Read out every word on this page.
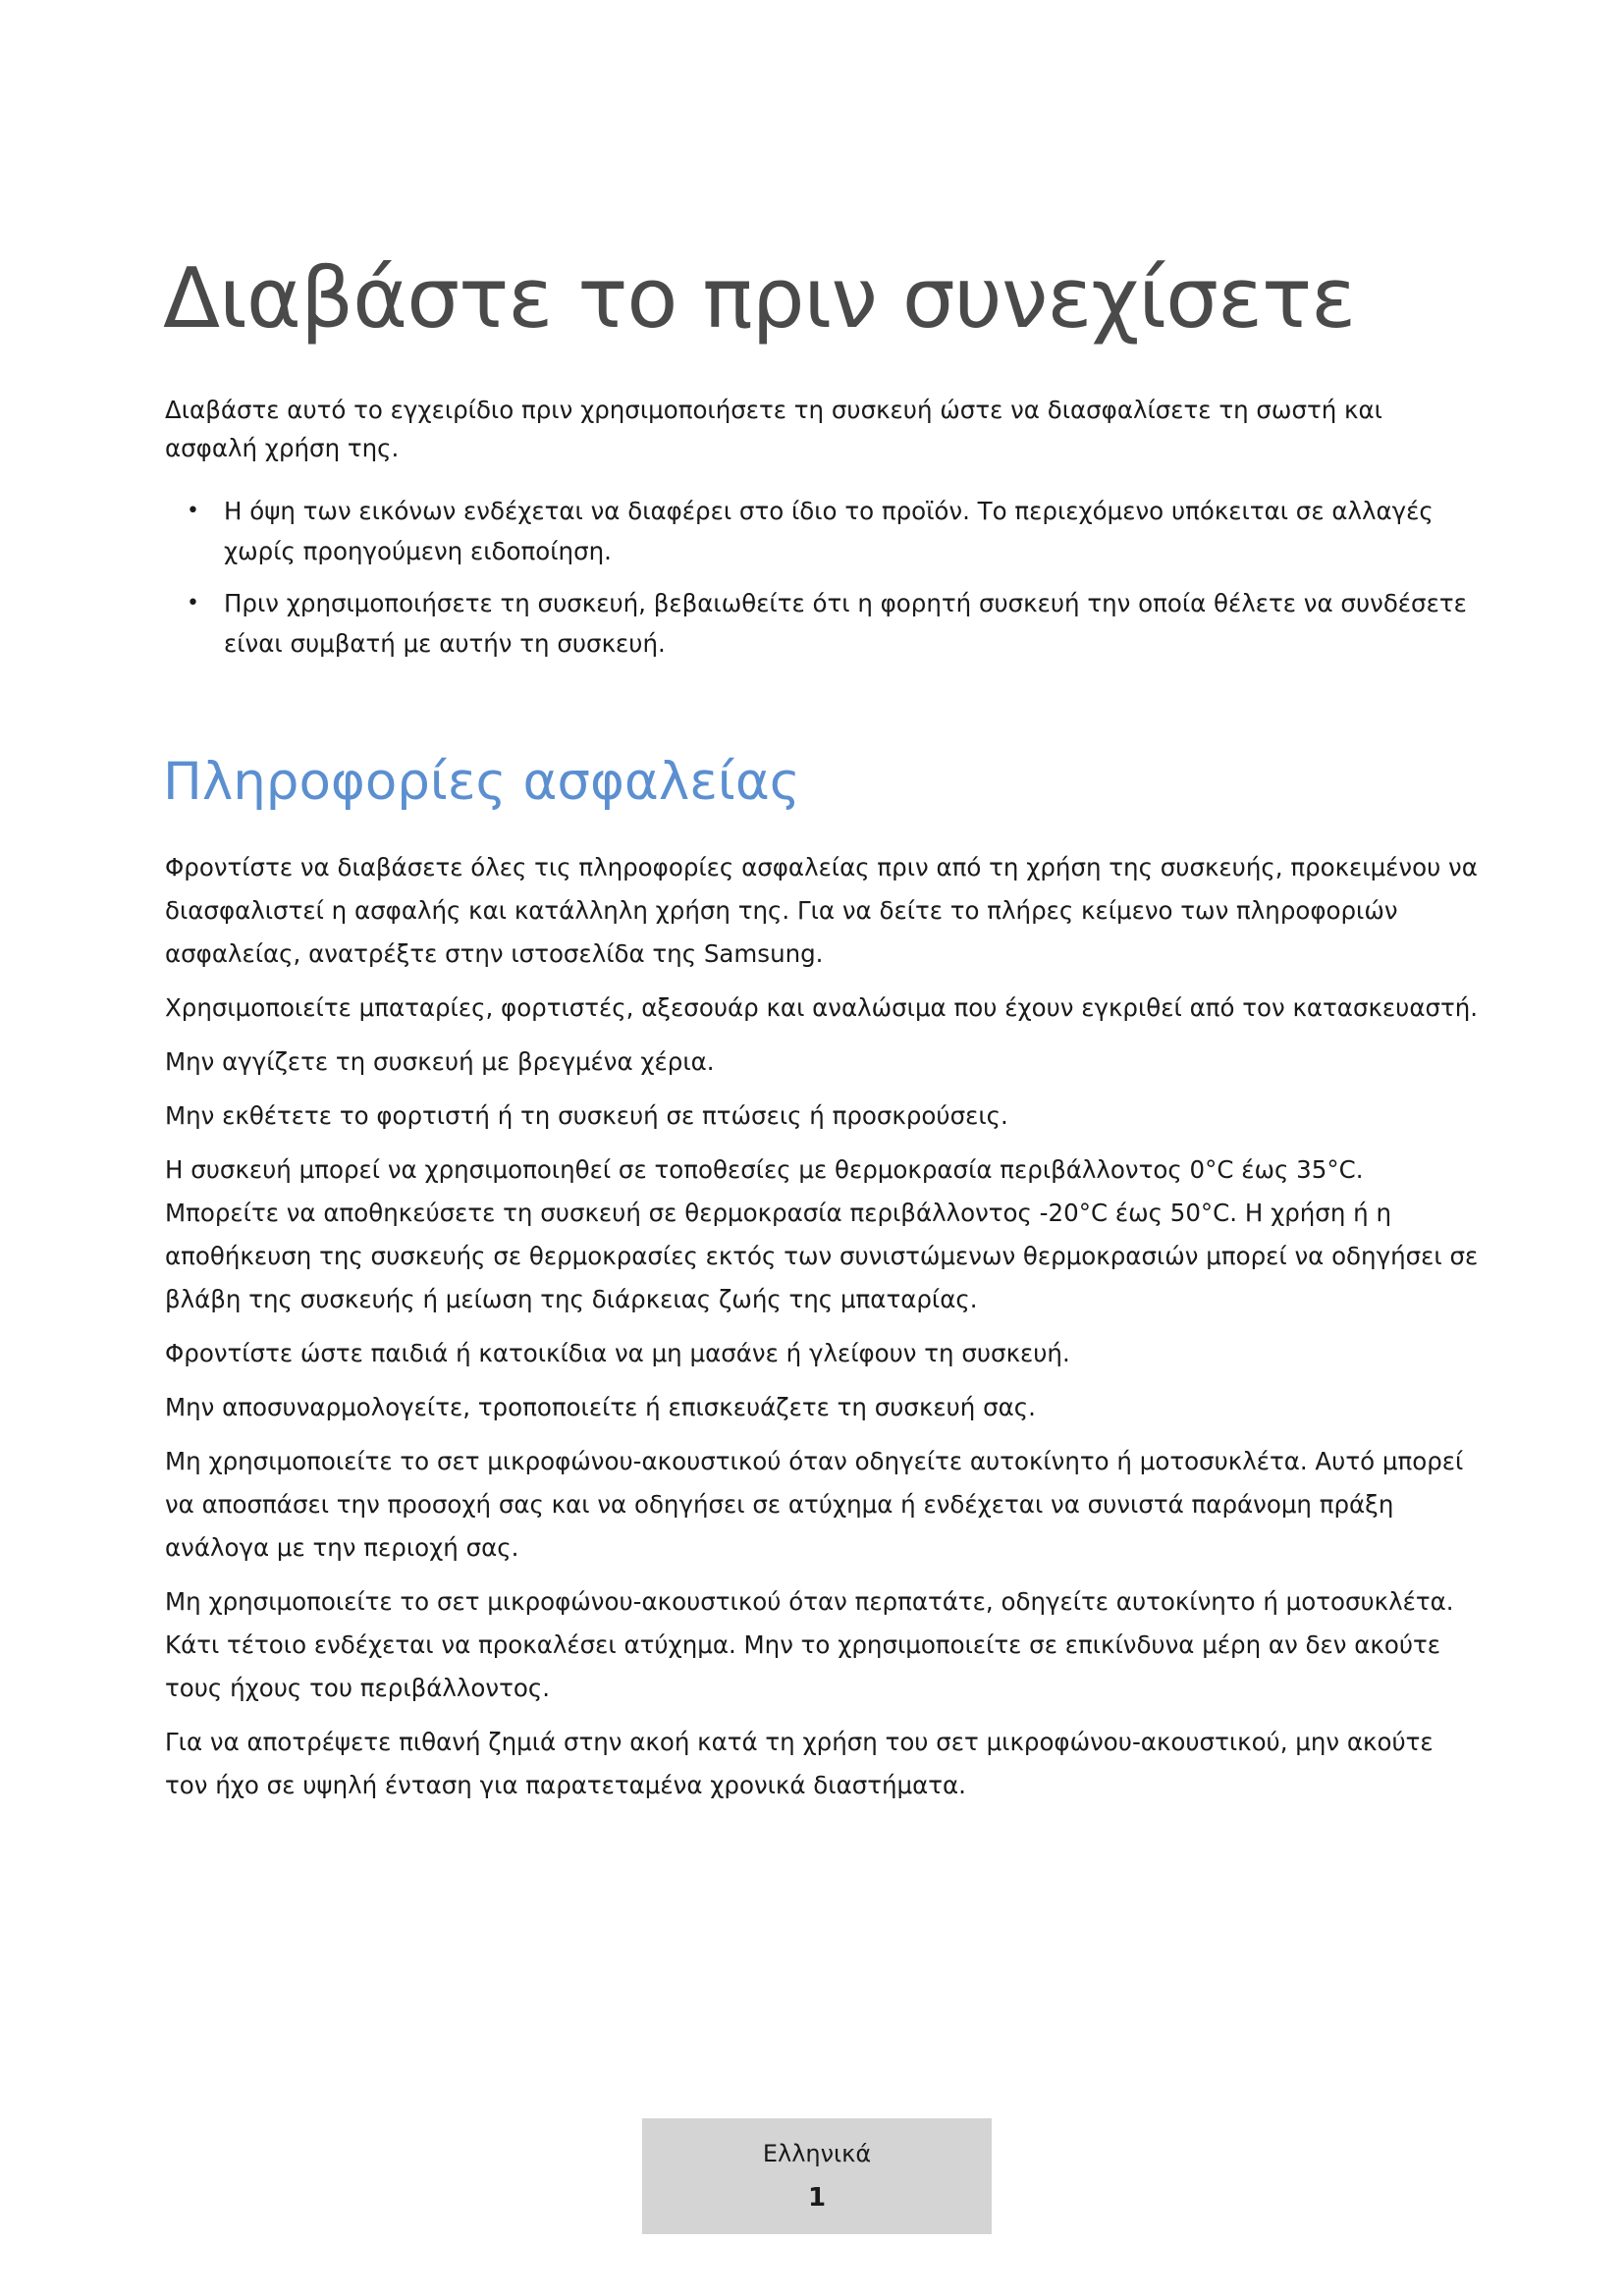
Διαβάστε το πριν συνεχίσετε

Διαβάστε αυτό το εγχειρίδιο πριν χρησιμοποιήσετε τη συσκευή ώστε να διασφαλίσετε τη σωστή και ασφαλή χρήση της.

• Η όψη των εικόνων ενδέχεται να διαφέρει στο ίδιο το προϊόν. Το περιεχόμενο υπόκειται σε αλλαγές χωρίς προηγούμενη ειδοποίηση.
• Πριν χρησιμοποιήσετε τη συσκευή, βεβαιωθείτε ότι η φορητή συσκευή την οποία θέλετε να συνδέσετε είναι συμβατή με αυτήν τη συσκευή.
Πληροφορίες ασφαλείας

Φροντίστε να διαβάσετε όλες τις πληροφορίες ασφαλείας πριν από τη χρήση της συσκευής, προκειμένου να διασφαλιστεί η ασφαλής και κατάλληλη χρήση της. Για να δείτε το πλήρες κείμενο των πληροφοριών ασφαλείας, ανατρέξτε στην ιστοσελίδα της Samsung.

Χρησιμοποιείτε μπαταρίες, φορτιστές, αξεσουάρ και αναλώσιμα που έχουν εγκριθεί από τον κατασκευαστή.

Μην αγγίζετε τη συσκευή με βρεγμένα χέρια.

Μην εκθέτετε το φορτιστή ή τη συσκευή σε πτώσεις ή προσκρούσεις.

Η συσκευή μπορεί να χρησιμοποιηθεί σε τοποθεσίες με θερμοκρασία περιβάλλοντος 0°C έως 35°C. Μπορείτε να αποθηκεύσετε τη συσκευή σε θερμοκρασία περιβάλλοντος -20°C έως 50°C. Η χρήση ή η αποθήκευση της συσκευής σε θερμοκρασίες εκτός των συνιστώμενων θερμοκρασιών μπορεί να οδηγήσει σε βλάβη της συσκευής ή μείωση της διάρκειας ζωής της μπαταρίας.

Φροντίστε ώστε παιδιά ή κατοικίδια να μη μασάνε ή γλείφουν τη συσκευή.

Μην αποσυναρμολογείτε, τροποποιείτε ή επισκευάζετε τη συσκευή σας.

Μη χρησιμοποιείτε το σετ μικροφώνου-ακουστικού όταν οδηγείτε αυτοκίνητο ή μοτοσυκλέτα. Αυτό μπορεί να αποσπάσει την προσοχή σας και να οδηγήσει σε ατύχημα ή ενδέχεται να συνιστά παράνομη πράξη ανάλογα με την περιοχή σας.

Μη χρησιμοποιείτε το σετ μικροφώνου-ακουστικού όταν περπατάτε, οδηγείτε αυτοκίνητο ή μοτοσυκλέτα. Κάτι τέτοιο ενδέχεται να προκαλέσει ατύχημα. Μην το χρησιμοποιείτε σε επικίνδυνα μέρη αν δεν ακούτε τους ήχους του περιβάλλοντος.

Για να αποτρέψετε πιθανή ζημιά στην ακοή κατά τη χρήση του σετ μικροφώνου-ακουστικού, μην ακούτε τον ήχο σε υψηλή ένταση για παρατεταμένα χρονικά διαστήματα.

Ελληνικά
1
